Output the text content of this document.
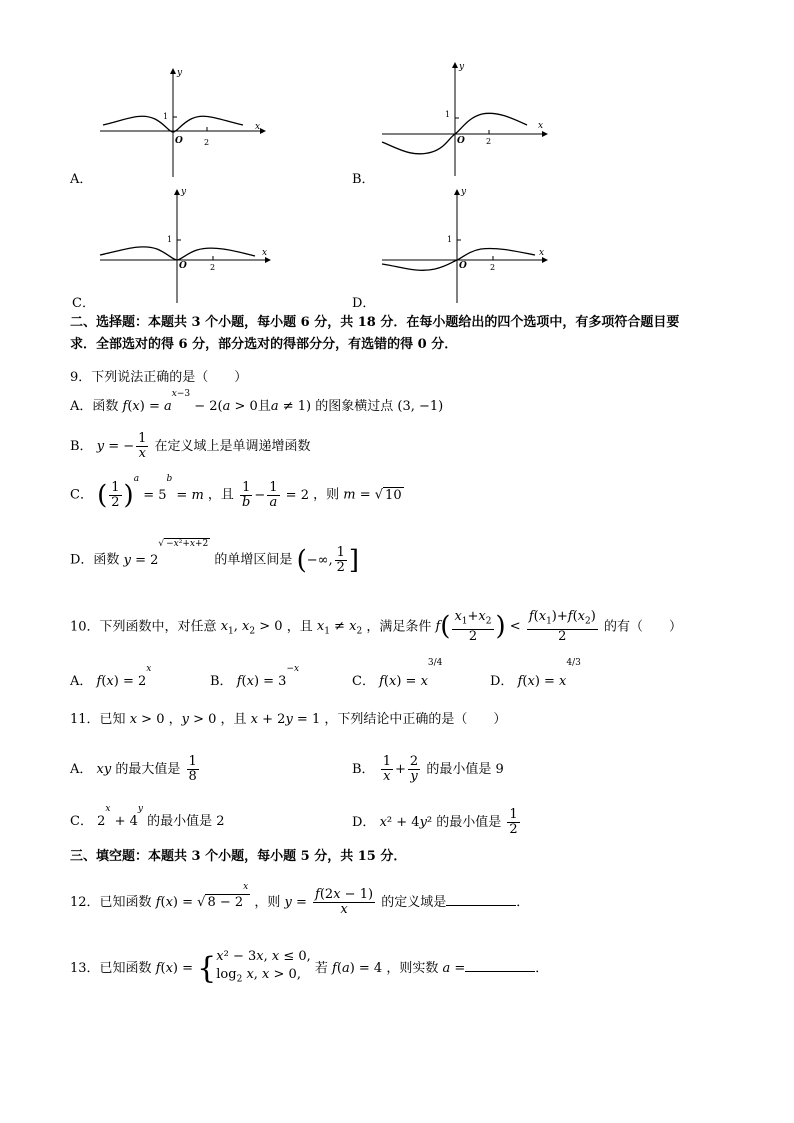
A．
y
x
O
1
2
B．
y
x
O
1
2
C．
y
x
O
1
2
D．
y
x
O
1
2
二、选择题：本题共 3 个小题，每小题 6 分，共 18 分．在每小题给出的四个选项中，有多项符合题目要
求．全部选对的得 6 分，部分选对的得部分分，有选错的得 0 分．
9．下列说法正确的是（　　）
A．函数 f(x) = ax−3 − 2(a > 0且a ≠ 1) 的图象横过点 (3, −1)
B． y = − $\frac{1}{x}$ 在定义域上是单调递增函数
C． ( $\frac{1}{2} )a = 5b = m$ ，且 $\frac{1}{b} - \frac{1}{a} = 2$ ，则 m = √ 10
D．函数 y = 2√ −x²+x+2 的单增区间是 (−∞, $\frac{1}{2}$ ]
10．下列函数中，对任意 $x_1$, $x_2 > 0$ ，且 $x_1 \ne x_2$ ，满足条件 $f( \frac{x_1+x_2}{2}$ ) < $\frac{f(x_1)+f(x_2)}{2}$ 的有（　　）
A． f(x) = 2x
B． f(x) = 3−x
C． f(x) = x3/4
D． f(x) = x4/3
11．已知 x > 0 ，y > 0 ，且 x + 2y = 1 ，下列结论中正确的是（　　）
A． xy 的最大值是 $\frac{1}{8}$	B． $\frac{1}{x} + \frac{2}{y}$ 的最小值是 9
C． 2x + 4y 的最小值是 2	D． x² + 4y² 的最小值是 $\frac{1}{2}$
三、填空题：本题共 3 个小题，每小题 5 分，共 15 分．
12．已知函数 f(x) = √ 8 − 2x ，则 $y = \frac{f(2x - 1)}{x}$ 的定义域是	．
13．已知函数 f(x) = { x² − 3x, x ≤ 0,
$\log_2 x$, x > 0,	若 f(a) = 4 ，则实数 a =	．
